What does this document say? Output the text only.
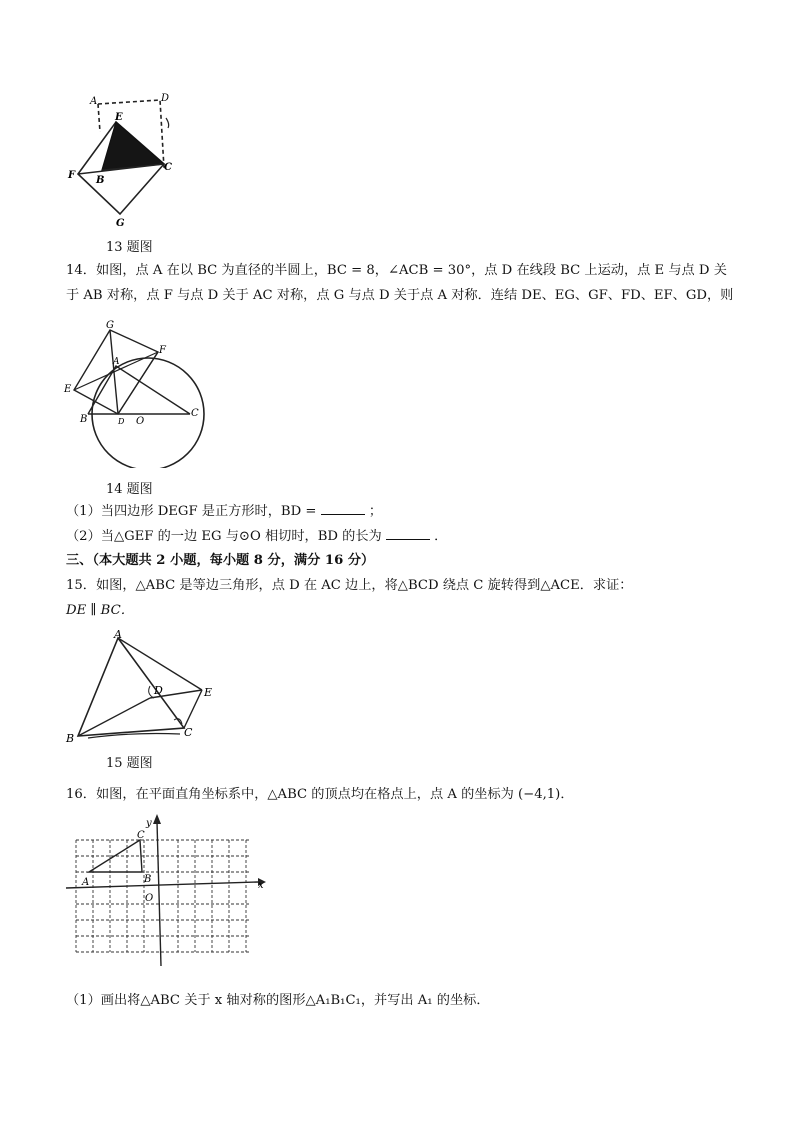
A	D
E
F B
C
G
13 题图
14．如图，点 A 在以 BC 为直径的半圆上，BC = 8，∠ACB = 30°，点 D 在线段 BC 上运动，点 E 与点 D 关
于 AB 对称，点 F 与点 D 关于 AC 对称，点 G 与点 D 关于点 A 对称．连结 DE、EG、GF、FD、EF、GD，则
G
F
A
E
B	D O
C
14 题图
（1）当四边形 DEGF 是正方形时，BD =	；
（2）当△GEF 的一边 EG 与⊙O 相切时，BD 的长为	．
三、（本大题共 2 小题，每小题 8 分，满分 16 分）
15．如图，△ABC 是等边三角形，点 D 在 AC 边上，将△BCD 绕点 C 旋转得到△ACE．求证：
DE ∥ BC．
A
D	E
B	C
15 题图
16．如图，在平面直角坐标系中，△ABC 的顶点均在格点上，点 A 的坐标为 (−4,1)．
y
x
C
A	B
O
（1）画出将△ABC 关于 x 轴对称的图形△A₁B₁C₁，并写出 A₁ 的坐标．
